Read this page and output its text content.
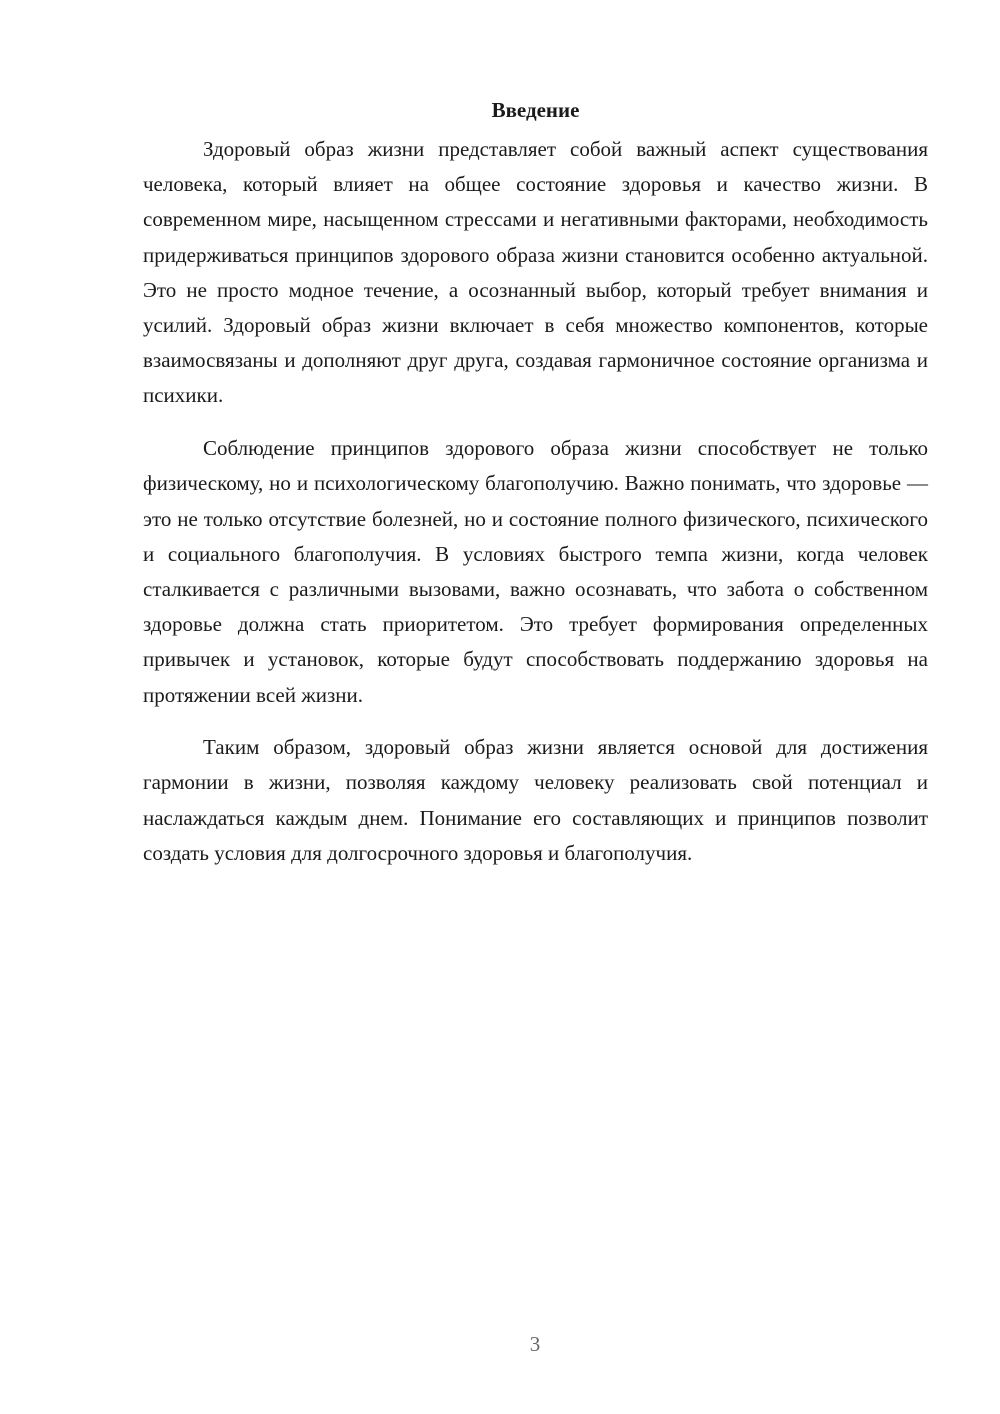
Введение

Здоровый образ жизни представляет собой важный аспект существования человека, который влияет на общее состояние здоровья и качество жизни. В современном мире, насыщенном стрессами и негативными факторами, необходимость придерживаться принципов здорового образа жизни становится особенно актуальной. Это не просто модное течение, а осознанный выбор, который требует внимания и усилий. Здоровый образ жизни включает в себя множество компонентов, которые взаимосвязаны и дополняют друг друга, создавая гармоничное состояние организма и психики.

Соблюдение принципов здорового образа жизни способствует не только физическому, но и психологическому благополучию. Важно понимать, что здоровье — это не только отсутствие болезней, но и состояние полного физического, психического и социального благополучия. В условиях быстрого темпа жизни, когда человек сталкивается с различными вызовами, важно осознавать, что забота о собственном здоровье должна стать приоритетом. Это требует формирования определенных привычек и установок, которые будут способствовать поддержанию здоровья на протяжении всей жизни.

Таким образом, здоровый образ жизни является основой для достижения гармонии в жизни, позволяя каждому человеку реализовать свой потенциал и наслаждаться каждым днем. Понимание его составляющих и принципов позволит создать условия для долгосрочного здоровья и благополучия.

3
